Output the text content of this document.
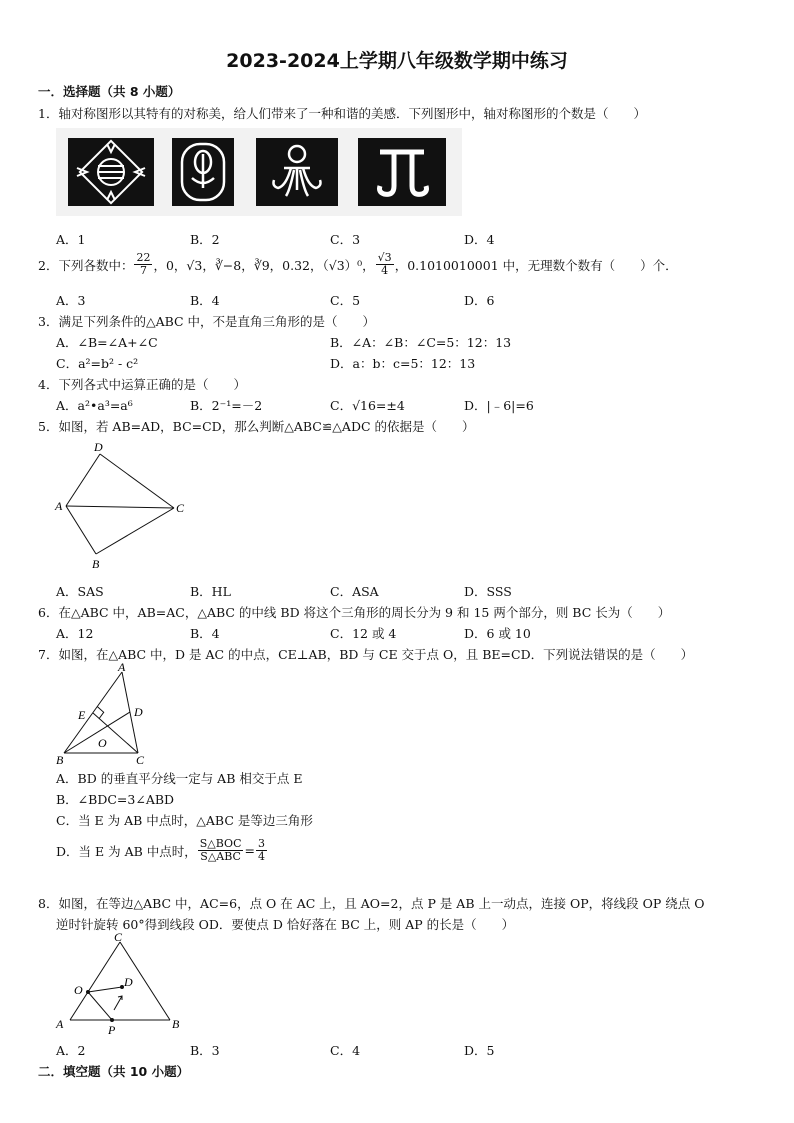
2023-2024上学期八年级数学期中练习
一．选择题（共 8 小题）
1．轴对称图形以其特有的对称美，给人们带来了一种和谐的美感．下列图形中，轴对称图形的个数是（　　）
A．1	B．2	C．3	D．4
2．下列各数中： $\frac{22}{7}$ ，0，√3，∛−8，∛9，0.32，（√3）⁰， $\frac{√3}{4}$ ，0.1010010001 中，无理数个数有（　　）个．
A．3	B．4	C．5	D．6
3．满足下列条件的△ABC 中，不是直角三角形的是（　　）
A．∠B=∠A+∠C	B．∠A：∠B：∠C=5：12：13
C．a²=b² - c²	D．a：b：c=5：12：13
4．下列各式中运算正确的是（　　）
A．a²•a³=a⁶	B．2⁻¹=－2	C．√16=±4	D．|﹣6|=6
5．如图，若 AB=AD，BC=CD，那么判断△ABC≌△ADC 的依据是（　　）
D
A	C
B
A．SAS	B．HL	C．ASA	D．SSS
6．在△ABC 中，AB=AC，△ABC 的中线 BD 将这个三角形的周长分为 9 和 15 两个部分，则 BC 长为（　　）
A．12	B．4	C．12 或 4	D．6 或 10
7．如图，在△ABC 中，D 是 AC 的中点，CE⊥AB，BD 与 CE 交于点 O，且 BE=CD．下列说法错误的是（　　）
A
D
E
O
B	C
A．BD 的垂直平分线一定与 AB 相交于点 E
B．∠BDC=3∠ABD
C．当 E 为 AB 中点时，△ABC 是等边三角形
D．当 E 为 AB 中点时， $\frac{\text{S△BOC}}{\text{S△ABC}} = \frac{3}{4}$
8．如图，在等边△ABC 中，AC=6，点 O 在 AC 上，且 AO=2，点 P 是 AB 上一动点，连接 OP，将线段 OP 绕点 O
逆时针旋转 60°得到线段 OD．要使点 D 恰好落在 BC 上，则 AP 的长是（　　）
C
O
D
A	B
P
A．2	B．3	C．4	D．5
二．填空题（共 10 小题）
